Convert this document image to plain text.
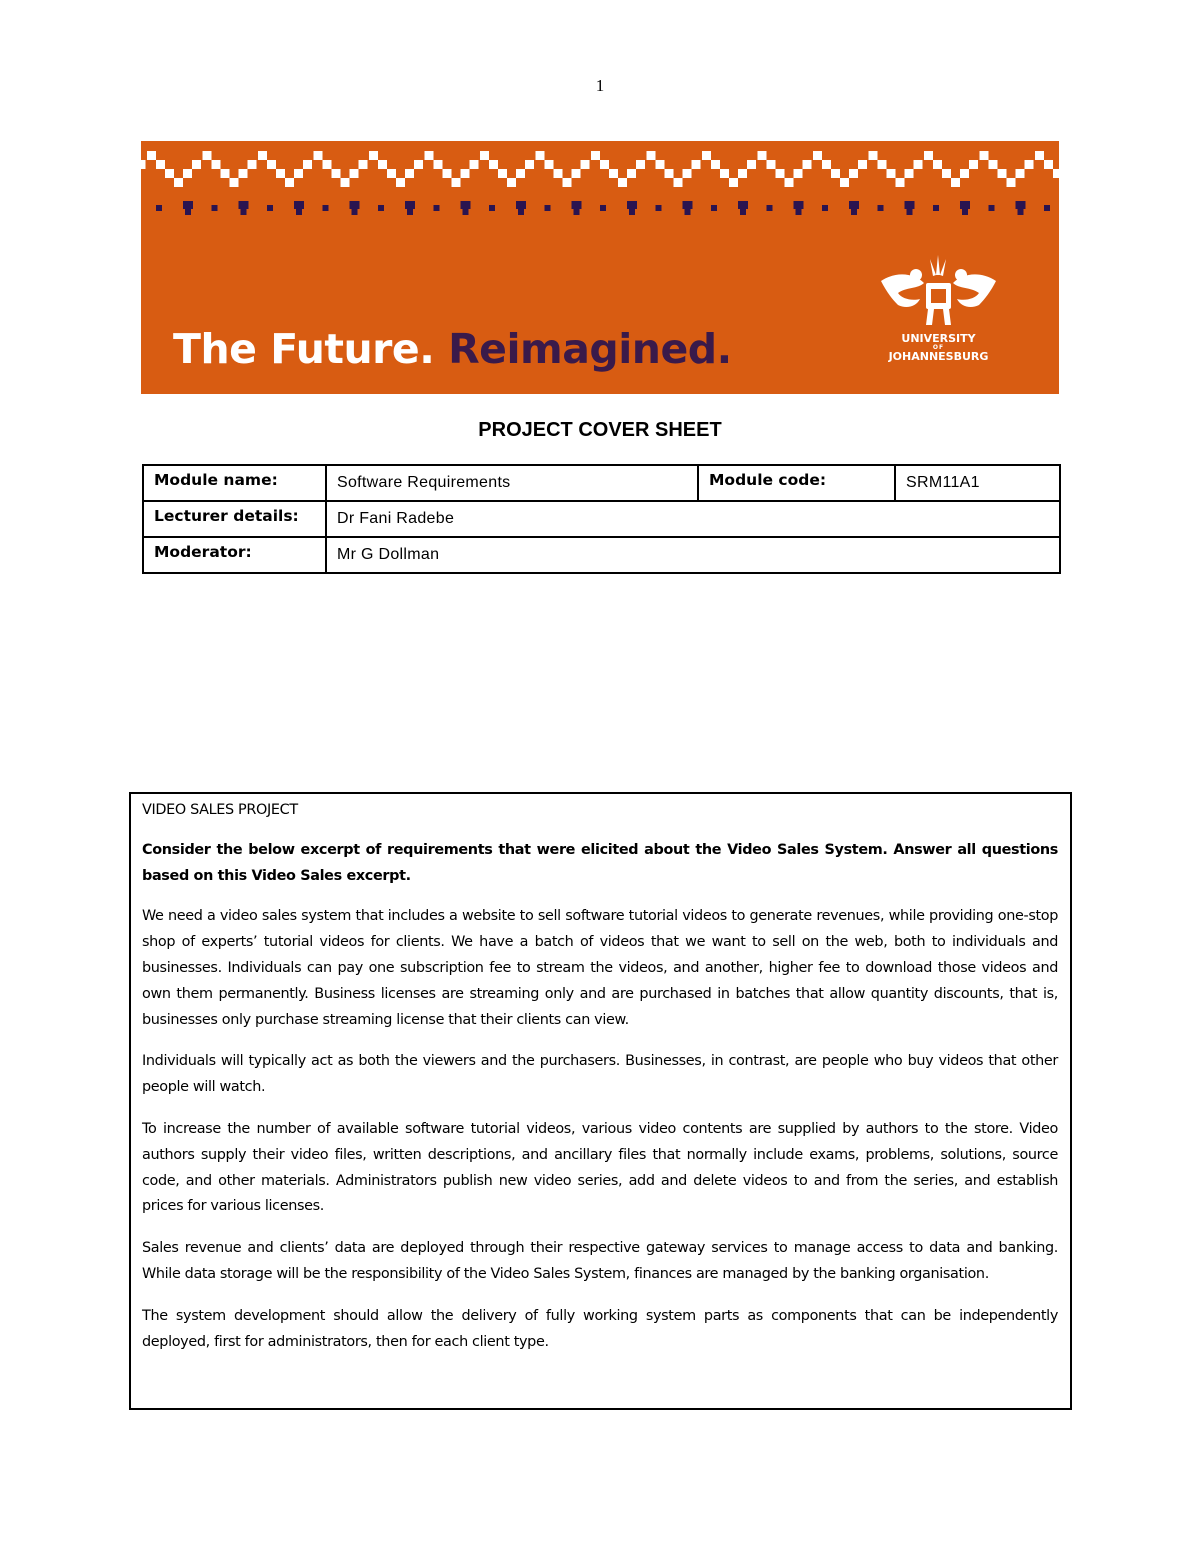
1
The Future. Reimagined.	UNIVERSITY
OF
JOHANNESBURG
PROJECT COVER SHEET
Module name:	Software Requirements	Module code:	SRM11A1
Lecturer details:	Dr Fani Radebe		
Moderator:	Mr G Dollman		

VIDEO SALES PROJECT

Consider the below excerpt of requirements that were elicited about the Video Sales System. Answer all questions based on this Video Sales excerpt.

We need a video sales system that includes a website to sell software tutorial videos to generate revenues, while providing one-stop shop of experts’ tutorial videos for clients. We have a batch of videos that we want to sell on the web, both to individuals and businesses. Individuals can pay one subscription fee to stream the videos, and another, higher fee to download those videos and own them permanently. Business licenses are streaming only and are purchased in batches that allow quantity discounts, that is, businesses only purchase streaming license that their clients can view.

Individuals will typically act as both the viewers and the purchasers. Businesses, in contrast, are people who buy videos that other people will watch.

To increase the number of available software tutorial videos, various video contents are supplied by authors to the store. Video authors supply their video files, written descriptions, and ancillary files that normally include exams, problems, solutions, source code, and other materials. Administrators publish new video series, add and delete videos to and from the series, and establish prices for various licenses.

Sales revenue and clients’ data are deployed through their respective gateway services to manage access to data and banking. While data storage will be the responsibility of the Video Sales System, finances are managed by the banking organisation.

The system development should allow the delivery of fully working system parts as components that can be independently deployed, first for administrators, then for each client type.
